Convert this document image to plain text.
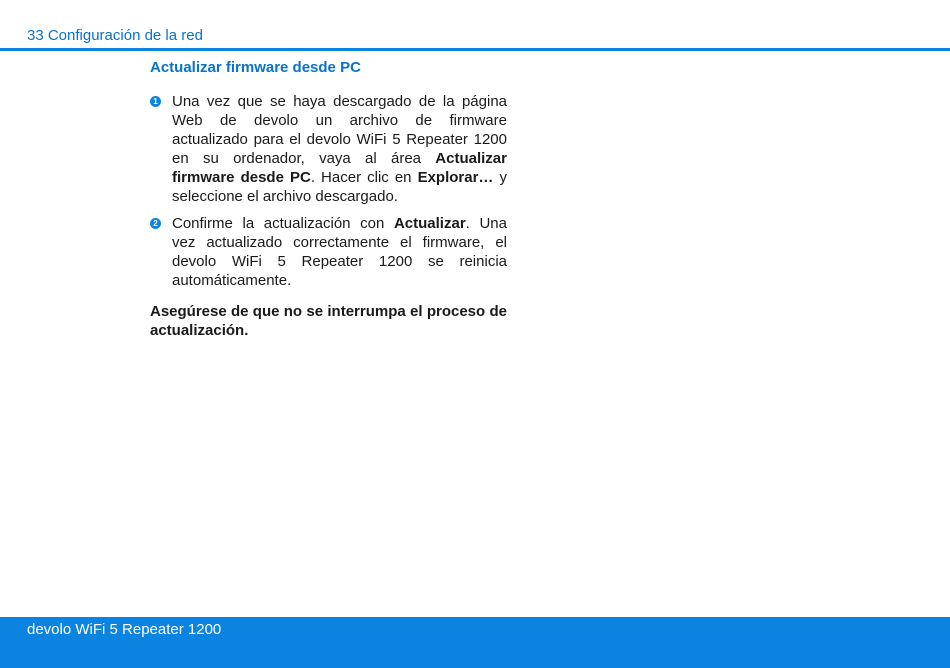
33 Configuración de la red
Actualizar firmware desde PC
1 Una vez que se haya descargado de la página Web de devolo un archivo de firmware actualizado para el devolo WiFi 5 Repeater 1200 en su ordenador, vaya al área Actualizar firmware desde PC. Hacer clic en Explorar… y seleccione el archivo descargado.
2 Confirme la actualización con Actualizar. Una vez actualizado correctamente el firmware, el devolo WiFi 5 Repeater 1200 se reinicia automáticamente.
Asegúrese de que no se interrumpa el proceso de actualización.
devolo WiFi 5 Repeater 1200
